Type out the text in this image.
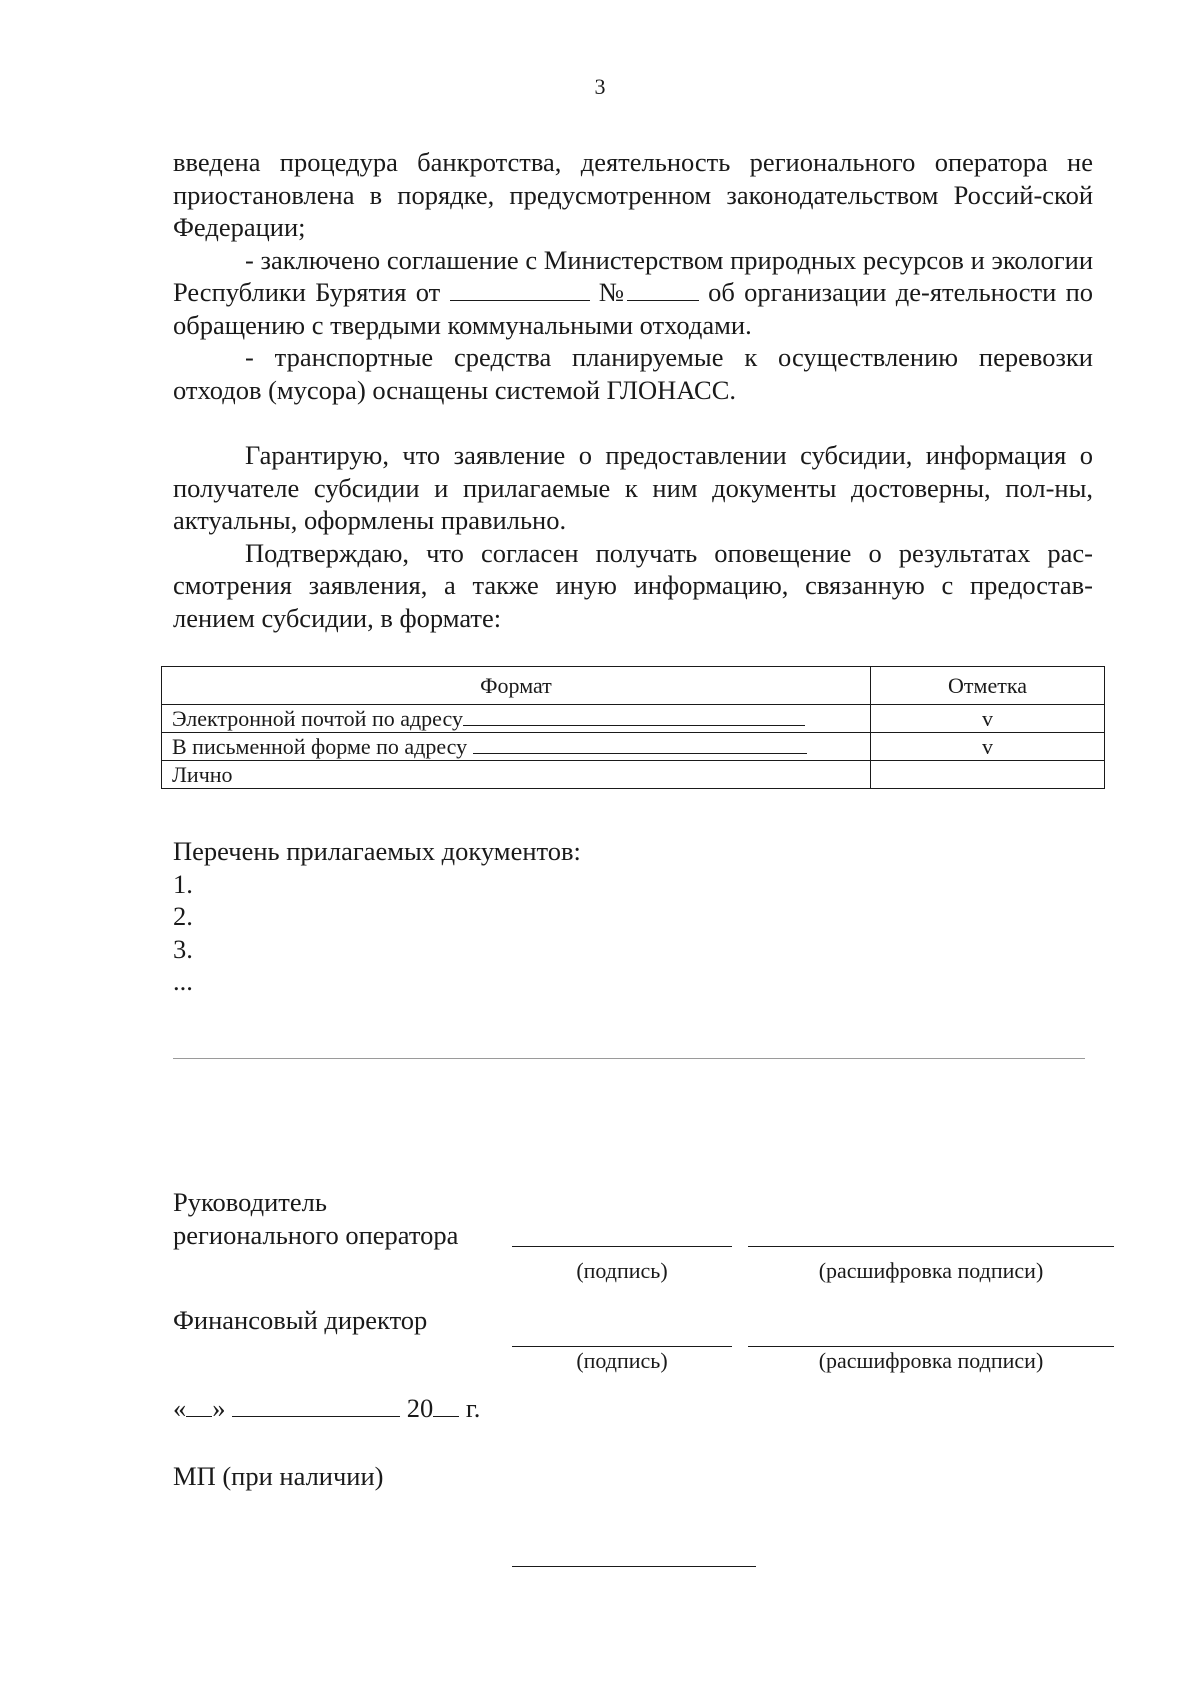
3

введена процедура банкротства, деятельность регионального оператора не приостановлена в порядке, предусмотренном законодательством Россий-ской Федерации;

- заключено соглашение с Министерством природных ресурсов и экологии Республики Бурятия от	№	об организации де-ятельности по обращению с твердыми коммунальными отходами.

- транспортные средства планируемые к осуществлению перевозки отходов (мусора) оснащены системой ГЛОНАСС.

Гарантирую, что заявление о предоставлении субсидии, информация о получателе субсидии и прилагаемые к ним документы достоверны, пол-ны, актуальны, оформлены правильно.

Подтверждаю, что согласен получать оповещение о результатах рас-смотрения заявления, а также иную информацию, связанную с предостав-лением субсидии, в формате:

Формат	Отметка
Электронной почтой по адресу	v
В письменной форме по адресу	v
Лично	
Перечень прилагаемых документов:
1.
2.
3.
...
Руководитель
регионального оператора
(подпись)	(расшифровка подписи)
Финансовый директор
(подпись)	(расшифровка подписи)
« »	20 г.
МП (при наличии)
